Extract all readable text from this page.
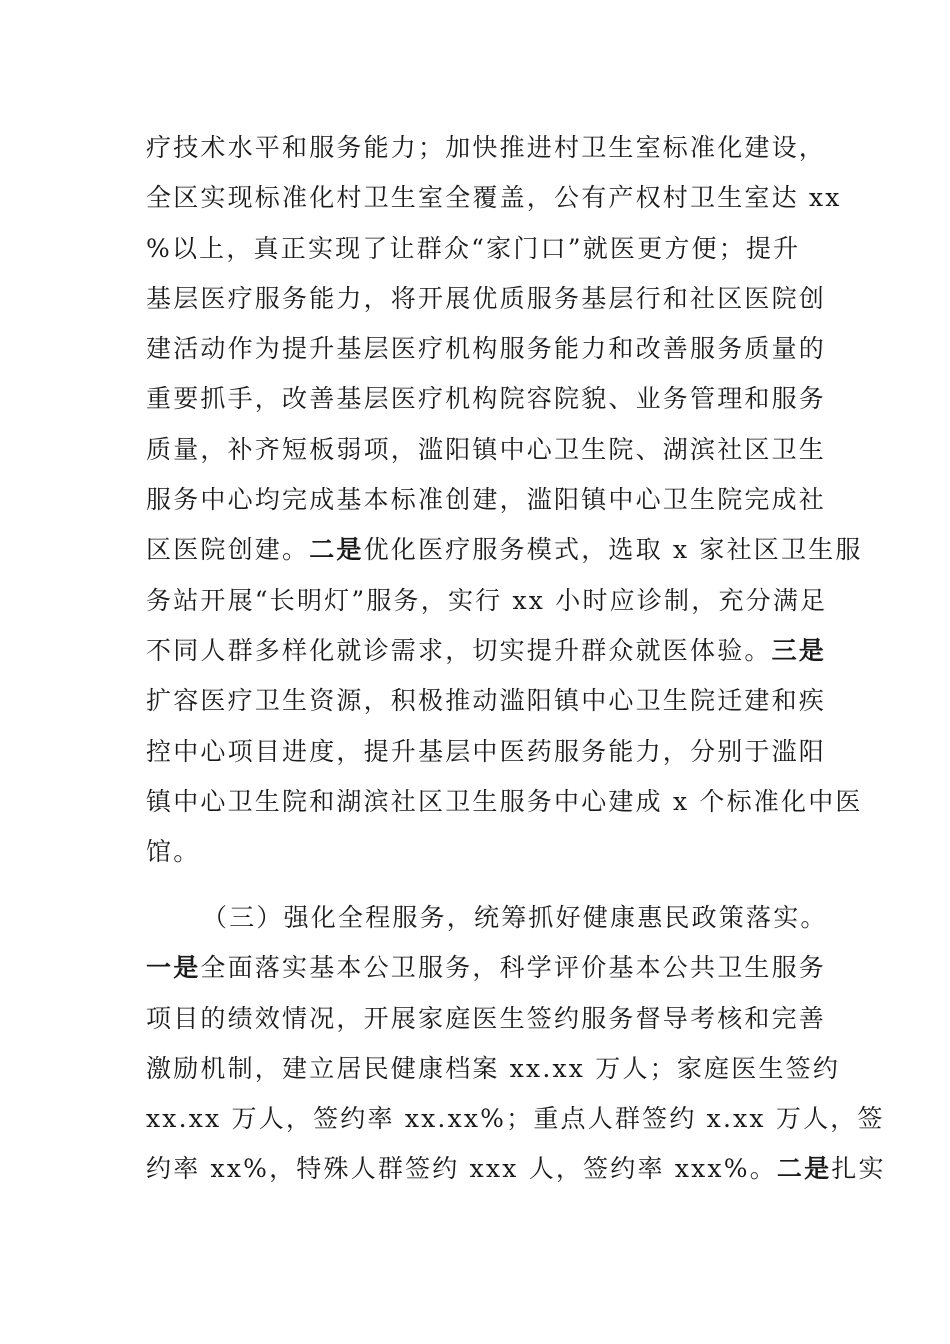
疗技术水平和服务能力；加快推进村卫生室标准化建设，
全区实现标准化村卫生室全覆盖，公有产权村卫生室达 xx
%以上，真正实现了让群众“家门口”就医更方便；提升
基层医疗服务能力，将开展优质服务基层行和社区医院创
建活动作为提升基层医疗机构服务能力和改善服务质量的
重要抓手，改善基层医疗机构院容院貌、业务管理和服务
质量，补齐短板弱项，滥阳镇中心卫生院、湖滨社区卫生
服务中心均完成基本标准创建，滥阳镇中心卫生院完成社
区医院创建。二是优化医疗服务模式，选取 x 家社区卫生服
务站开展“长明灯”服务，实行 xx 小时应诊制，充分满足
不同人群多样化就诊需求，切实提升群众就医体验。三是
扩容医疗卫生资源，积极推动滥阳镇中心卫生院迁建和疾
控中心项目进度，提升基层中医药服务能力，分别于滥阳
镇中心卫生院和湖滨社区卫生服务中心建成 x 个标准化中医
馆。
（三）强化全程服务，统筹抓好健康惠民政策落实。
一是全面落实基本公卫服务，科学评价基本公共卫生服务
项目的绩效情况，开展家庭医生签约服务督导考核和完善
激励机制，建立居民健康档案 xx.xx 万人；家庭医生签约
xx.xx 万人，签约率 xx.xx%；重点人群签约 x.xx 万人，签
约率 xx%，特殊人群签约 xxx 人，签约率 xxx%。二是扎实
